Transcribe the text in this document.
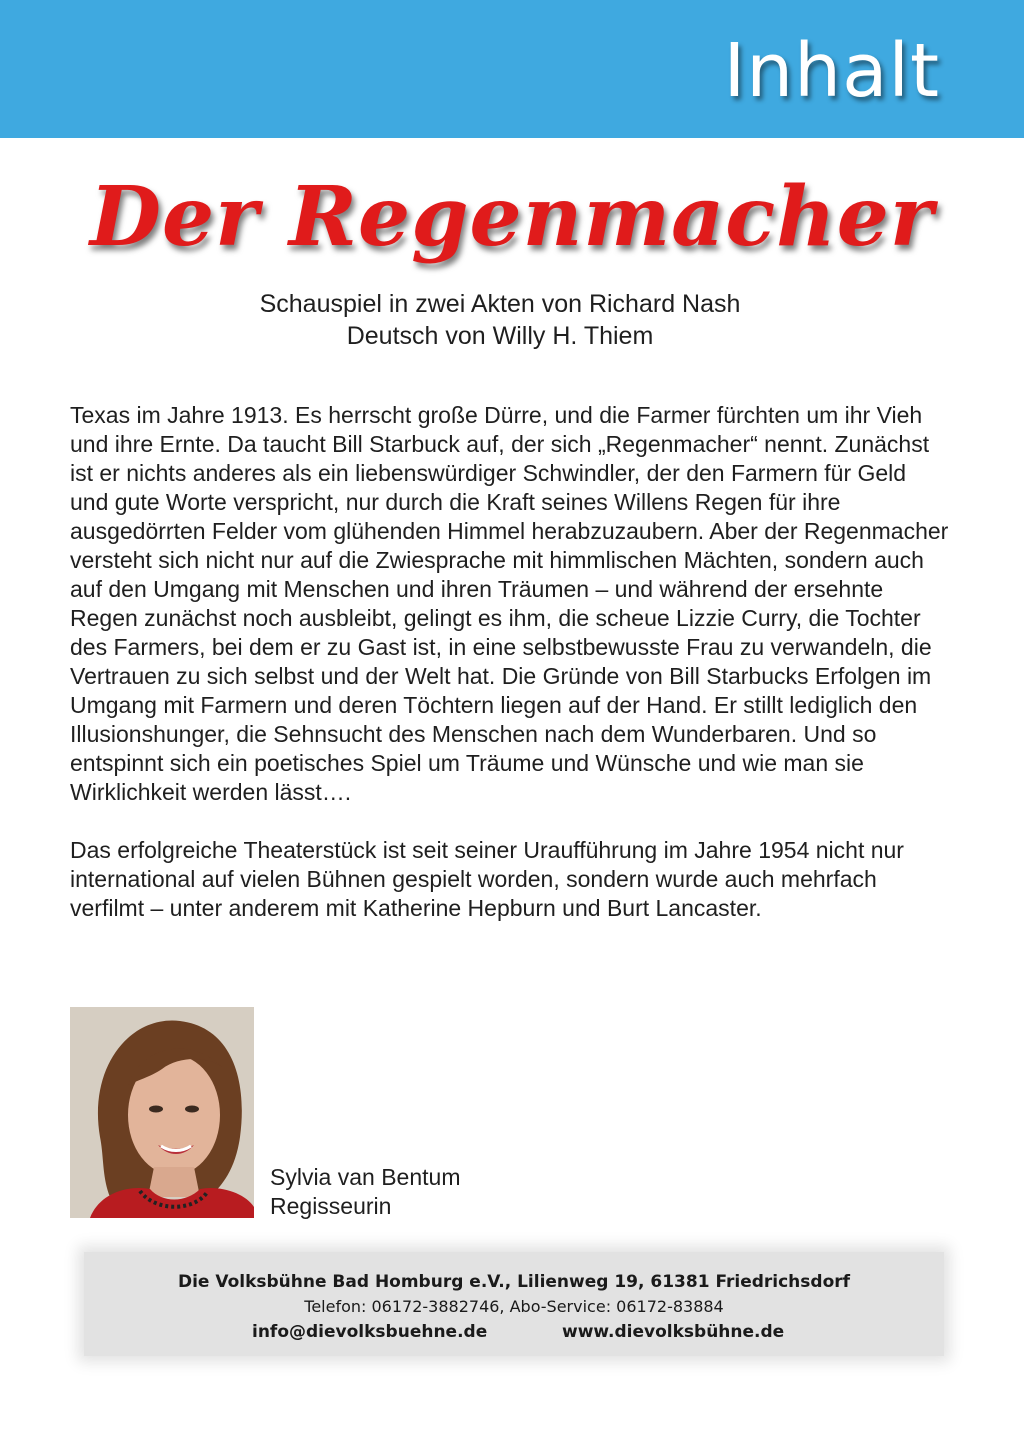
Inhalt
Der Regenmacher
Schauspiel in zwei Akten von Richard Nash
Deutsch von Willy H. Thiem

Texas im Jahre 1913. Es herrscht große Dürre, und die Farmer fürchten um ihr Vieh und ihre Ernte. Da taucht Bill Starbuck auf, der sich „Regenmacher“ nennt. Zunächst ist er nichts anderes als ein liebenswürdiger Schwindler, der den Farmern für Geld und gute Worte verspricht, nur durch die Kraft seines Willens Regen für ihre ausgedörrten Felder vom glühenden Himmel herabzuzaubern. Aber der Regenmacher versteht sich nicht nur auf die Zwiesprache mit himmlischen Mächten, sondern auch auf den Umgang mit Menschen und ihren Träumen – und während der ersehnte Regen zunächst noch ausbleibt, gelingt es ihm, die scheue Lizzie Curry, die Tochter des Farmers, bei dem er zu Gast ist, in eine selbstbewusste Frau zu verwandeln, die Vertrauen zu sich selbst und der Welt hat. Die Gründe von Bill Starbucks Erfolgen im Umgang mit Farmern und deren Töchtern liegen auf der Hand. Er stillt lediglich den Illusionshunger, die Sehnsucht des Menschen nach dem Wunderbaren. Und so entspinnt sich ein poetisches Spiel um Träume und Wünsche und wie man sie Wirklichkeit werden lässt….

Das erfolgreiche Theaterstück ist seit seiner Uraufführung im Jahre 1954 nicht nur international auf vielen Bühnen gespielt worden, sondern wurde auch mehrfach verfilmt – unter anderem mit Katherine Hepburn und Burt Lancaster.

Sylvia van Bentum
Regisseurin
Die Volksbühne Bad Homburg e.V., Lilienweg 19, 61381 Friedrichsdorf
Telefon: 06172-3882746, Abo-Service: 06172-83884
info@dievolksbuehne.de	www.dievolksbühne.de
